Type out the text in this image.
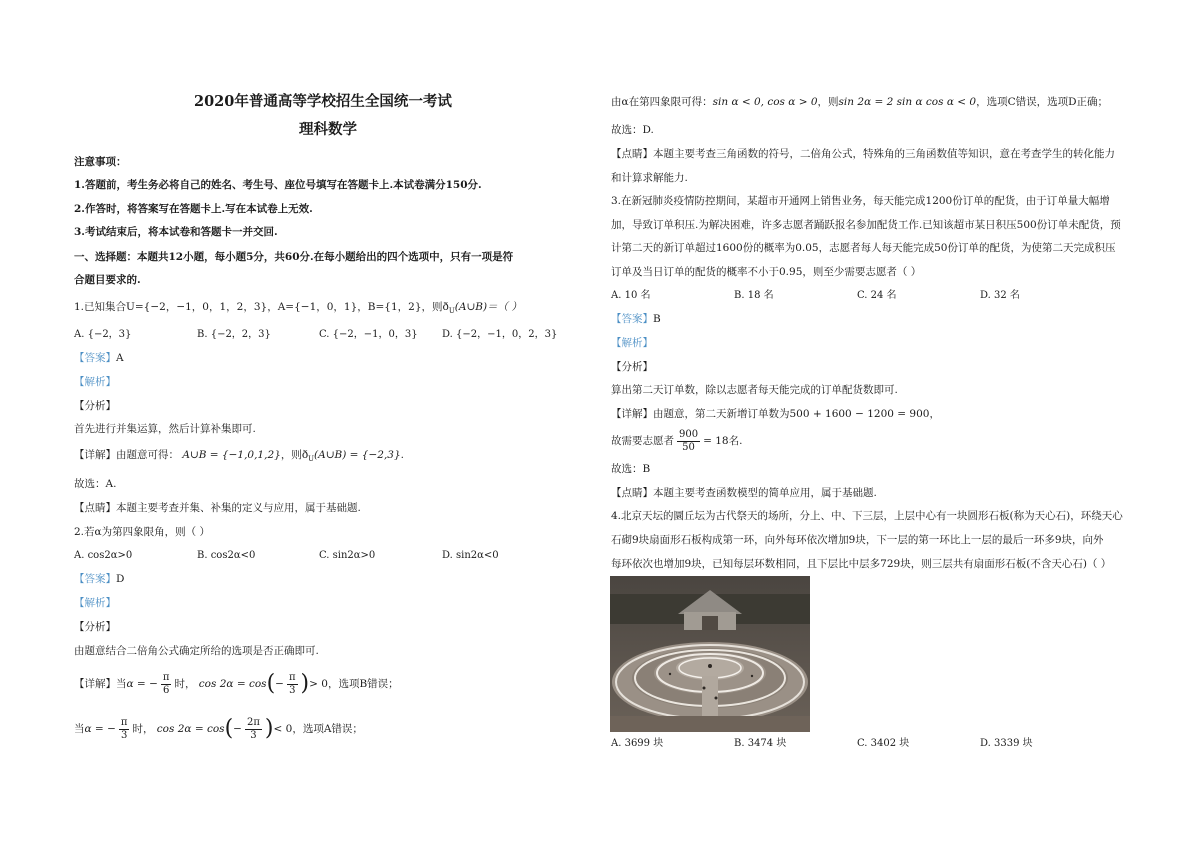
2020年普通高等学校招生全国统一考试
理科数学
注意事项：
1.答题前，考生务必将自己的姓名、考生号、座位号填写在答题卡上.本试卷满分150分.
2.作答时，将答案写在答题卡上.写在本试卷上无效.
3.考试结束后，将本试卷和答题卡一并交回.
一、选择题：本题共12小题，每小题5分，共60分.在每小题给出的四个选项中，只有一项是符
合题目要求的.
1.已知集合U={−2，−1，0，1，2，3}，A={−1，0，1}，B={1，2}，则$ð_U(A\cup B)=$（ ）
A. {−2，3}	B. {−2，2，3}	C. {−2，−1，0，3} D. {−2，−1，0，2，3}
【答案】A
【解析】
【分析】
首先进行并集运算，然后计算补集即可.
【详解】由题意可得： A∪B = {−1,0,1,2}，则$ð_U(A\cup B) = \{-2,3\}$.
故选：A.
【点睛】本题主要考查并集、补集的定义与应用，属于基础题.
2.若α为第四象限角，则（ ）
A. cos2α>0	B. cos2α<0	C. sin2α>0	D. sin2α<0
【答案】D
【解析】
【分析】
由题意结合二倍角公式确定所给的选项是否正确即可.
【详解】当α = − $\frac{\pi}{6}$ 时， $\cos 2\alpha = \cos(- \frac{\pi}{3}$ )> 0，选项B错误；
当α = − $\frac{\pi}{3}$ 时， $\cos 2\alpha = \cos(- \frac{2\pi}{3}$ )< 0，选项A错误；
由α在第四象限可得：sin α < 0, cos α > 0，则sin 2α = 2 sin α cos α < 0，选项C错误，选项D正确；
故选：D.
【点睛】本题主要考查三角函数的符号，二倍角公式，特殊角的三角函数值等知识，意在考查学生的转化能力
和计算求解能力.
3.在新冠肺炎疫情防控期间，某超市开通网上销售业务，每天能完成1200份订单的配货，由于订单量大幅增
加，导致订单积压.为解决困难，许多志愿者踊跃报名参加配货工作.已知该超市某日积压500份订单未配货，预
计第二天的新订单超过1600份的概率为0.05，志愿者每人每天能完成50份订单的配货，为使第二天完成积压
订单及当日订单的配货的概率不小于0.95，则至少需要志愿者（ ）
A. 10 名	B. 18 名	C. 24 名	D. 32 名
【答案】B
【解析】
【分析】
算出第二天订单数，除以志愿者每天能完成的订单配货数即可.
【详解】由题意，第二天新增订单数为500 + 1600 − 1200 = 900，
故需要志愿者 $\frac{900}{50} = 18$名.
故选：B
【点睛】本题主要考查函数模型的简单应用，属于基础题.
4.北京天坛的圜丘坛为古代祭天的场所，分上、中、下三层，上层中心有一块圆形石板(称为天心石)，环绕天心
石砌9块扇面形石板构成第一环，向外每环依次增加9块，下一层的第一环比上一层的最后一环多9块，向外
每环依次也增加9块，已知每层环数相同，且下层比中层多729块，则三层共有扇面形石板(不含天心石)（ ）
A. 3699 块	B. 3474 块	C. 3402 块	D. 3339 块
